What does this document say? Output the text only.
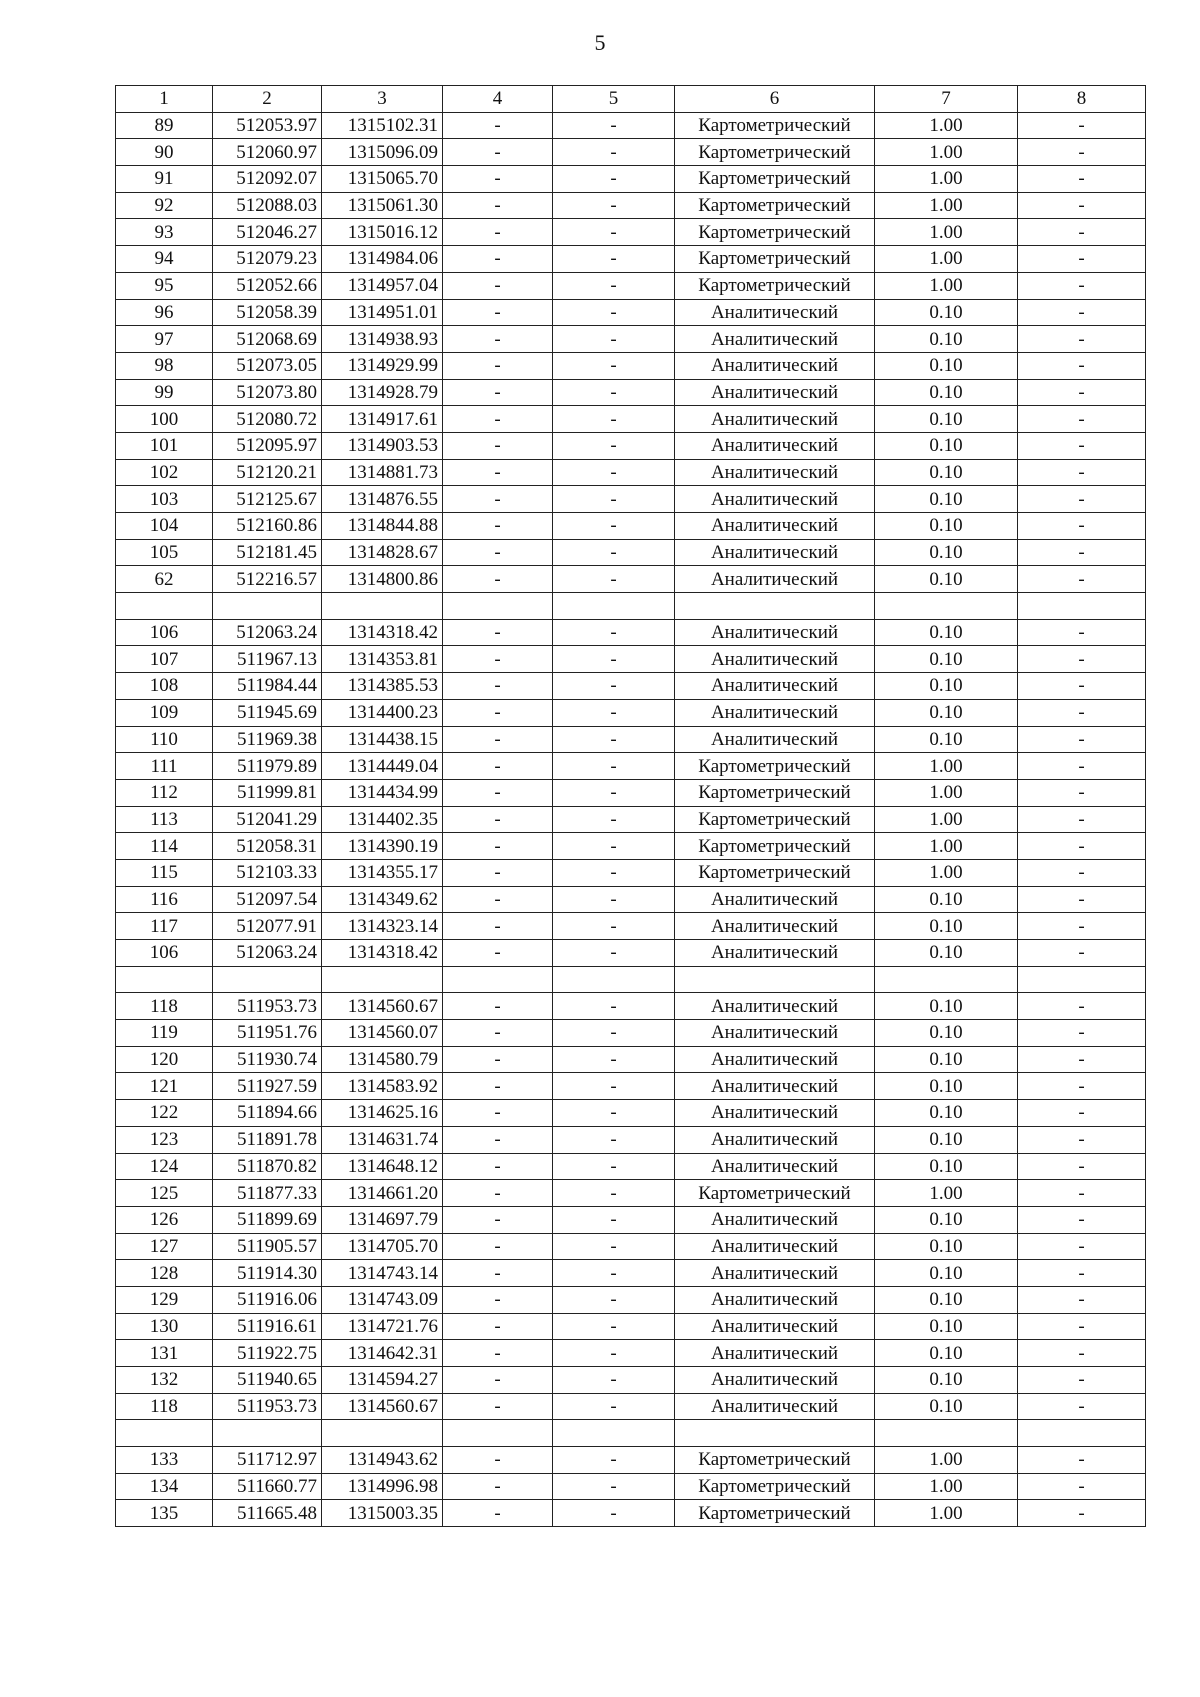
5
1	2	3	4	5	6	7	8
89	512053.97	1315102.31	-	-	Картометрический	1.00	-
90	512060.97	1315096.09	-	-	Картометрический	1.00	-
91	512092.07	1315065.70	-	-	Картометрический	1.00	-
92	512088.03	1315061.30	-	-	Картометрический	1.00	-
93	512046.27	1315016.12	-	-	Картометрический	1.00	-
94	512079.23	1314984.06	-	-	Картометрический	1.00	-
95	512052.66	1314957.04	-	-	Картометрический	1.00	-
96	512058.39	1314951.01	-	-	Аналитический	0.10	-
97	512068.69	1314938.93	-	-	Аналитический	0.10	-
98	512073.05	1314929.99	-	-	Аналитический	0.10	-
99	512073.80	1314928.79	-	-	Аналитический	0.10	-
100	512080.72	1314917.61	-	-	Аналитический	0.10	-
101	512095.97	1314903.53	-	-	Аналитический	0.10	-
102	512120.21	1314881.73	-	-	Аналитический	0.10	-
103	512125.67	1314876.55	-	-	Аналитический	0.10	-
104	512160.86	1314844.88	-	-	Аналитический	0.10	-
105	512181.45	1314828.67	-	-	Аналитический	0.10	-
62	512216.57	1314800.86	-	-	Аналитический	0.10	-

106	512063.24	1314318.42	-	-	Аналитический	0.10	-
107	511967.13	1314353.81	-	-	Аналитический	0.10	-
108	511984.44	1314385.53	-	-	Аналитический	0.10	-
109	511945.69	1314400.23	-	-	Аналитический	0.10	-
110	511969.38	1314438.15	-	-	Аналитический	0.10	-
111	511979.89	1314449.04	-	-	Картометрический	1.00	-
112	511999.81	1314434.99	-	-	Картометрический	1.00	-
113	512041.29	1314402.35	-	-	Картометрический	1.00	-
114	512058.31	1314390.19	-	-	Картометрический	1.00	-
115	512103.33	1314355.17	-	-	Картометрический	1.00	-
116	512097.54	1314349.62	-	-	Аналитический	0.10	-
117	512077.91	1314323.14	-	-	Аналитический	0.10	-
106	512063.24	1314318.42	-	-	Аналитический	0.10	-

118	511953.73	1314560.67	-	-	Аналитический	0.10	-
119	511951.76	1314560.07	-	-	Аналитический	0.10	-
120	511930.74	1314580.79	-	-	Аналитический	0.10	-
121	511927.59	1314583.92	-	-	Аналитический	0.10	-
122	511894.66	1314625.16	-	-	Аналитический	0.10	-
123	511891.78	1314631.74	-	-	Аналитический	0.10	-
124	511870.82	1314648.12	-	-	Аналитический	0.10	-
125	511877.33	1314661.20	-	-	Картометрический	1.00	-
126	511899.69	1314697.79	-	-	Аналитический	0.10	-
127	511905.57	1314705.70	-	-	Аналитический	0.10	-
128	511914.30	1314743.14	-	-	Аналитический	0.10	-
129	511916.06	1314743.09	-	-	Аналитический	0.10	-
130	511916.61	1314721.76	-	-	Аналитический	0.10	-
131	511922.75	1314642.31	-	-	Аналитический	0.10	-
132	511940.65	1314594.27	-	-	Аналитический	0.10	-
118	511953.73	1314560.67	-	-	Аналитический	0.10	-

133	511712.97	1314943.62	-	-	Картометрический	1.00	-
134	511660.77	1314996.98	-	-	Картометрический	1.00	-
135	511665.48	1315003.35	-	-	Картометрический	1.00	-
